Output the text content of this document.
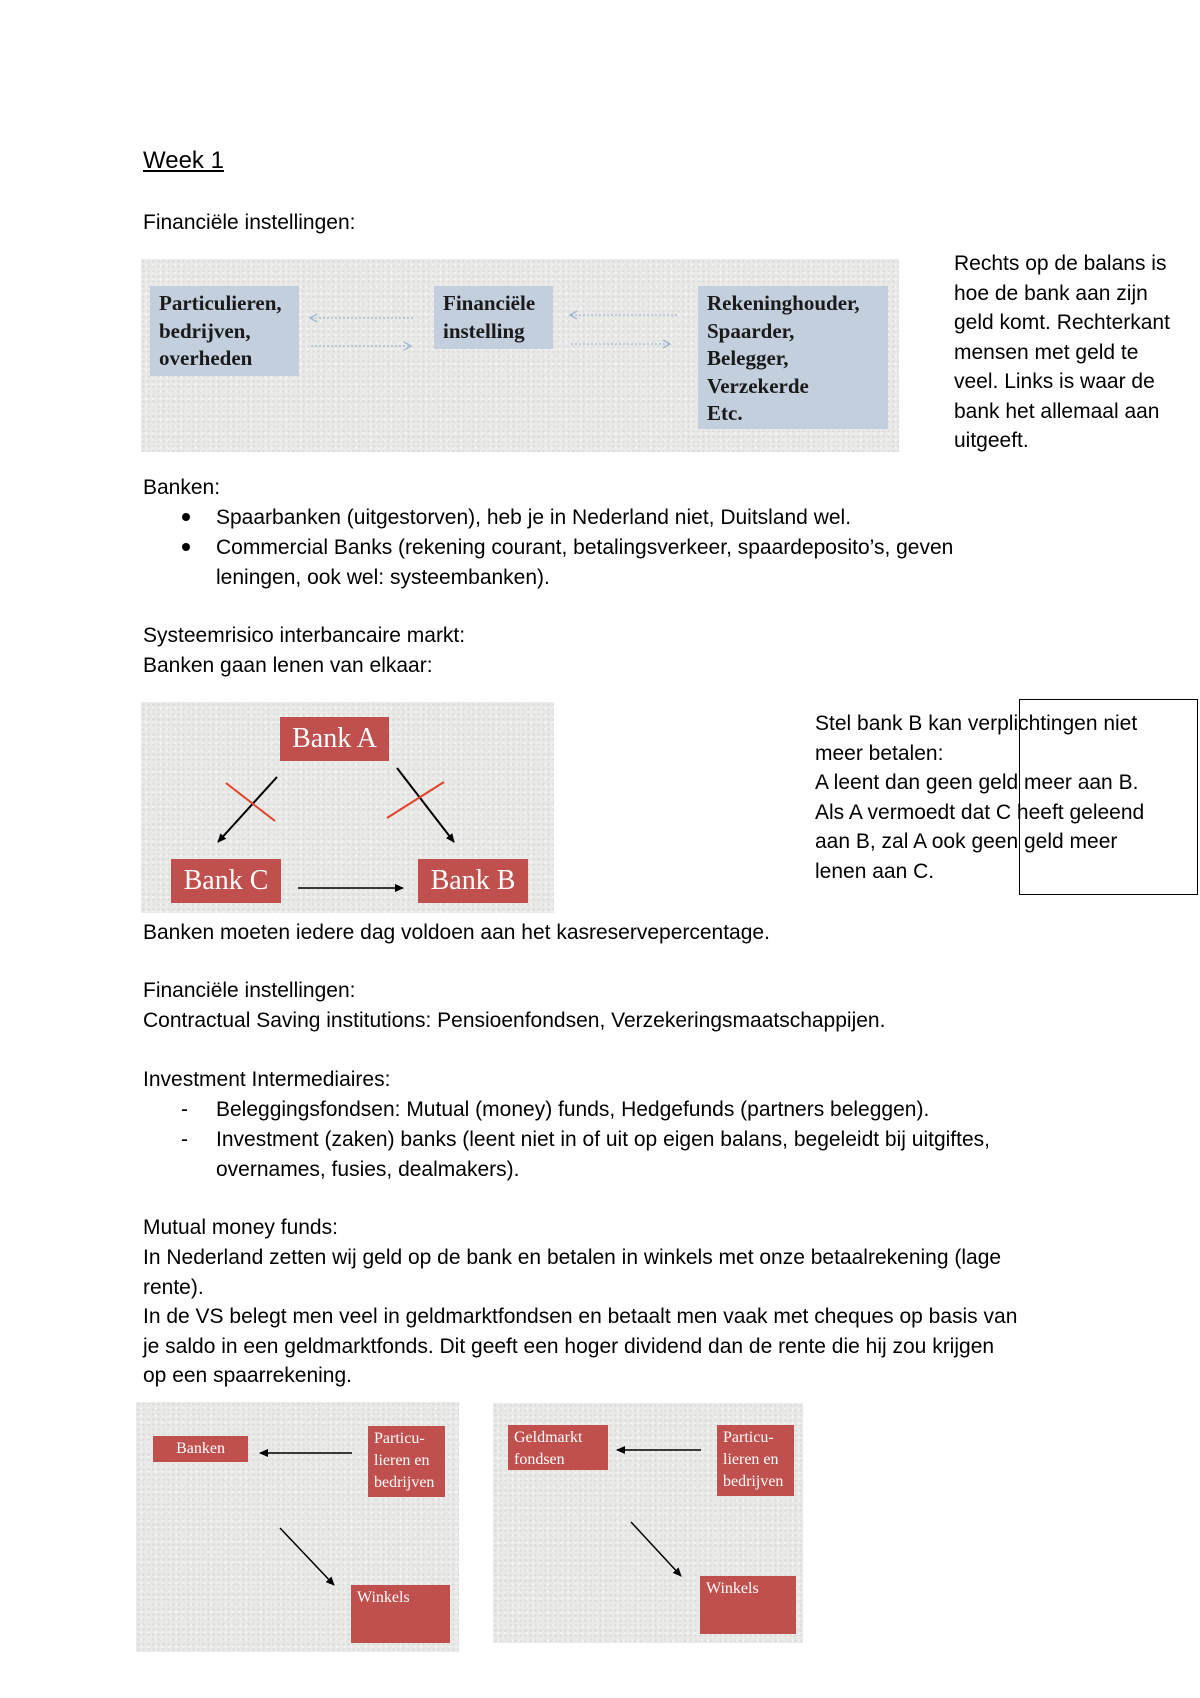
Week 1
Financiële instellingen:
Particulieren,
bedrijven,
overheden
Financiële
instelling
Rekeninghouder,
Spaarder,
Belegger,
Verzekerde
Etc.
Rechts op de balans is
hoe de bank aan zijn
geld komt. Rechterkant
mensen met geld te
veel. Links is waar de
bank het allemaal aan
uitgeeft.
Banken:
Spaarbanken (uitgestorven), heb je in Nederland niet, Duitsland wel.
Commercial Banks (rekening courant, betalingsverkeer, spaardeposito’s, geven
leningen, ook wel: systeembanken).
Systeemrisico interbancaire markt:
Banken gaan lenen van elkaar:
Bank A
Bank C	Bank B
Stel bank B kan verplichtingen niet
meer betalen:
A leent dan geen geld meer aan B.
Als A vermoedt dat C heeft geleend
aan B, zal A ook geen geld meer
lenen aan C.
Banken moeten iedere dag voldoen aan het kasreservepercentage.
Financiële instellingen:
Contractual Saving institutions: Pensioenfondsen, Verzekeringsmaatschappijen.
Investment Intermediaires:
- Beleggingsfondsen: Mutual (money) funds, Hedgefunds (partners beleggen).
- Investment (zaken) banks (leent niet in of uit op eigen balans, begeleidt bij uitgiftes,
overnames, fusies, dealmakers).
Mutual money funds:
In Nederland zetten wij geld op de bank en betalen in winkels met onze betaalrekening (lage
rente).
In de VS belegt men veel in geldmarktfondsen en betaalt men vaak met cheques op basis van
je saldo in een geldmarktfonds. Dit geeft een hoger dividend dan de rente die hij zou krijgen
op een spaarrekening.
Banken
Particu-
lieren en
bedrijven
Winkels
Geldmarkt
fondsen
Particu-
lieren en
bedrijven
Winkels
